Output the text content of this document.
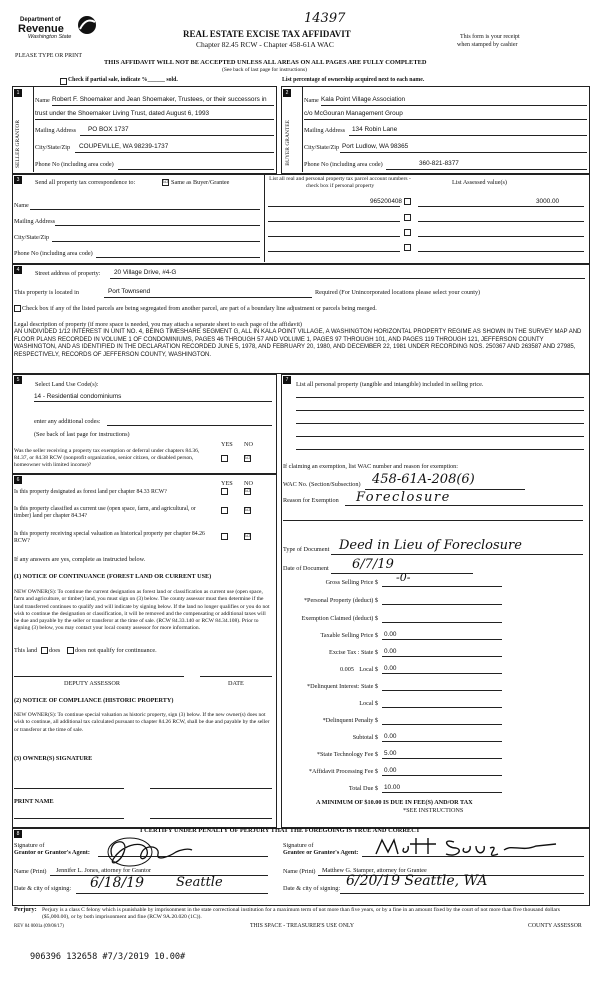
Department of
Revenue
Washington State
14397
REAL ESTATE EXCISE TAX AFFIDAVIT
Chapter 82.45 RCW - Chapter 458-61A WAC
This form is your receipt
when stamped by cashier
PLEASE TYPE OR PRINT
THIS AFFIDAVIT WILL NOT BE ACCEPTED UNLESS ALL AREAS ON ALL PAGES ARE FULLY COMPLETED
(See back of last page for instructions)
Check if partial sale, indicate %______ sold.	List percentage of ownership acquired next to each name.
1	2
SELLER GRANTOR	BUYER GRANTEE
Name Robert F. Shoemaker and Jean Shoemaker, Trustees, or their successors in
trust under the Shoemaker Living Trust, dated August 6, 1993
Mailing Address PO BOX 1737
City/State/Zip COUPEVILLE, WA 98239-1737
Phone No (including area code)
Name Kala Point Village Association
c/o McGouran Management Group
Mailing Address 134 Robin Lane
City/State/Zip Port Ludlow, WA 98365
Phone No (including area code)	360-821-8377
3	Send all property tax correspondence to:	☑ Same as Buyer/Grantee	List all real and personal property tax parcel account numbers - check box if personal property	List Assessed value(s)
Name
Mailing Address
City/State/Zip
Phone No (including area code)
965200408	3000.00
4	Street address of property: 20 Village Drive, #4-G
This property is located in	Port Townsend	Required (For Unincorporated locations please select your county)
Check box if any of the listed parcels are being segregated from another parcel, are part of a boundary line adjustment or parcels being merged.
Legal description of property (if more space is needed, you may attach a separate sheet to each page of the affidavit)
AN UNDIVIDED 1/12 INTEREST IN UNIT NO. 4, BEING TIMESHARE SEGMENT G, ALL IN KALA POINT VILLAGE, A WASHINGTON HORIZONTAL PROPERTY REGIME AS SHOWN IN THE SURVEY MAP AND FLOOR PLANS RECORDED IN VOLUME 1 OF CONDOMINIUMS, PAGES 46 THROUGH 57 AND VOLUME 1, PAGES 97 THROUGH 101, AND PAGES 119 THROUGH 121, JEFFERSON COUNTY WASHINGTON, AND AS IDENTIFIED IN THE DECLARATION RECORDED JUNE 5, 1978, AND FEBRUARY 20, 1980, AND DECEMBER 22, 1981 UNDER RECORDING NOS. 250367 AND 263587 AND 27985, RESPECTIVELY, RECORDS OF JEFFERSON COUNTY, WASHINGTON.
5
Select Land Use Code(s):
14 - Residential condominiums
enter any additional codes:
(See back of last page for instructions)
YES NO
Was the seller receiving a property tax exemption or deferral under chapters 84.36, 84.37, or 84.38 RCW (nonprofit organization, senior citizen, or disabled person, homeowner with limited income)?
☑
6	YES NO
Is this property designated as forest land per chapter 84.33 RCW?	☑
Is this property classified as current use (open space, farm, and agricultural, or timber) land per chapter 84.34?
☑
Is this property receiving special valuation as historical property per chapter 84.26 RCW?
☑
If any answers are yes, complete as instructed below.
(1) NOTICE OF CONTINUANCE (FOREST LAND OR CURRENT USE)
NEW OWNER(S): To continue the current designation as forest land or classification as current use (open space, farm and agriculture, or timber) land, you must sign on (3) below. The county assessor must then determine if the land transferred continues to qualify and will indicate by signing below. If the land no longer qualifies or you do not wish to continue the designation or classification, it will be removed and the compensating or additional taxes will be due and payable by the seller or transferor at the time of sale. (RCW 84.33.140 or RCW 84.34.108). Prior to signing (3) below, you may contact your local county assessor for more information.
This land does does not qualify for continuance.
DEPUTY ASSESSOR	DATE
(2) NOTICE OF COMPLIANCE (HISTORIC PROPERTY)
NEW OWNER(S): To continue special valuation as historic property, sign (3) below. If the new owner(s) does not wish to continue, all additional tax calculated pursuant to chapter 84.26 RCW, shall be due and payable by the seller or transferor at the time of sale.
(3) OWNER(S) SIGNATURE
PRINT NAME
7
List all personal property (tangible and intangible) included in selling price.
If claiming an exemption, list WAC number and reason for exemption:
WAC No. (Section/Subsection) 458-61A-208(6)
Reason for Exemption Foreclosure
Type of Document Deed in Lieu of Foreclosure
Date of Document 6/7/19
Gross Selling Price $ -0-
*Personal Property (deduct) $
Exemption Claimed (deduct) $
Taxable Selling Price $ 0.00
Excise Tax : State $ 0.00
0.005 Local $ 0.00
*Delinquent Interest: State $
Local $
*Delinquent Penalty $
Subtotal $ 0.00
*State Technology Fee $ 5.00
*Affidavit Processing Fee $ 0.00
Total Due $ 10.00
A MINIMUM OF $10.00 IS DUE IN FEE(S) AND/OR TAX
*SEE INSTRUCTIONS
8	I CERTIFY UNDER PENALTY OF PERJURY THAT THE FOREGOING IS TRUE AND CORRECT
Signature of
Grantor or Grantor's Agent:
Signature of
Grantee or Grantee's Agent:
Name (Print) Jennifer L. Jones, attorney for Grantor	Name (Print) Matthew G. Stamper, attorney for Grantee
Date & city of signing: 6/18/19 Seattle	Date & city of signing: 6/20/19 Seattle, WA
Perjury: Perjury is a class C felony which is punishable by imprisonment in the state correctional institution for a maximum term of not more than five years, or by a fine in an amount fixed by the court of not more than five thousand dollars ($5,000.00), or by both imprisonment and fine (RCW 9A.20.020 (1C)).
REV 84 0001a (09/06/17)	THIS SPACE - TREASURER'S USE ONLY	COUNTY ASSESSOR
906396 132658 #7/3/2019 10.00#
